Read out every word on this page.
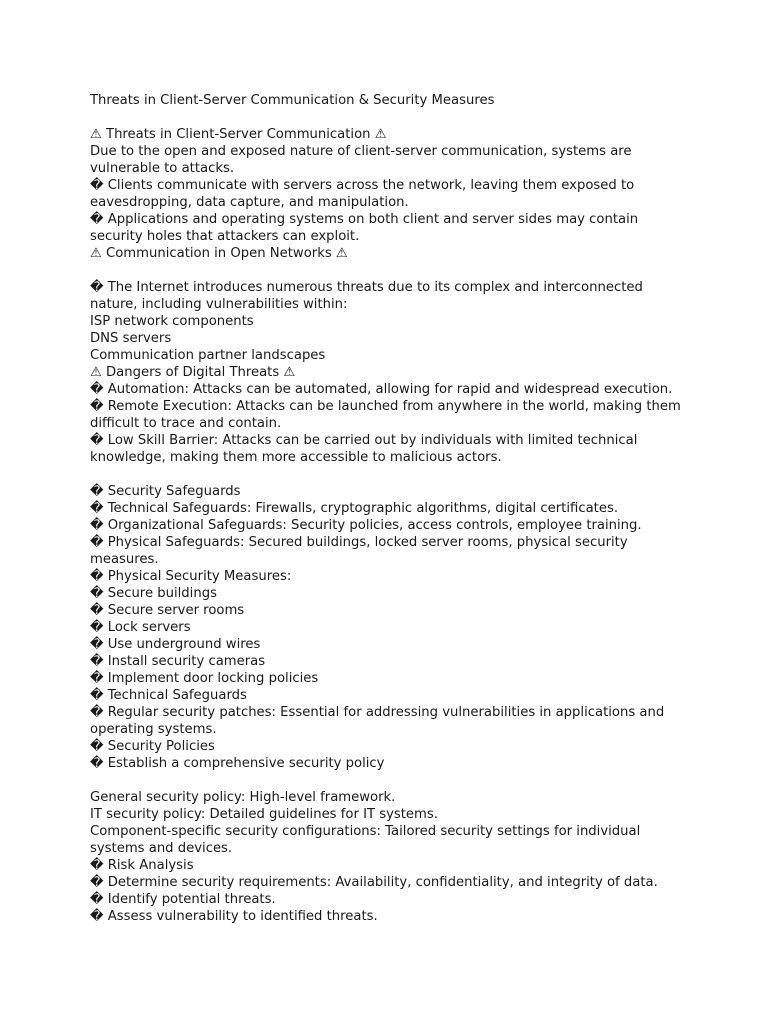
Threats in Client-Server Communication & Security Measures

⚠ Threats in Client-Server Communication ⚠

Due to the open and exposed nature of client-server communication, systems are

vulnerable to attacks.

� Clients communicate with servers across the network, leaving them exposed to

eavesdropping, data capture, and manipulation.

� Applications and operating systems on both client and server sides may contain

security holes that attackers can exploit.

⚠ Communication in Open Networks ⚠

� The Internet introduces numerous threats due to its complex and interconnected

nature, including vulnerabilities within:

ISP network components

DNS servers

Communication partner landscapes

⚠ Dangers of Digital Threats ⚠

� Automation: Attacks can be automated, allowing for rapid and widespread execution.

� Remote Execution: Attacks can be launched from anywhere in the world, making them

difficult to trace and contain.

� Low Skill Barrier: Attacks can be carried out by individuals with limited technical

knowledge, making them more accessible to malicious actors.

� Security Safeguards

� Technical Safeguards: Firewalls, cryptographic algorithms, digital certificates.

� Organizational Safeguards: Security policies, access controls, employee training.

� Physical Safeguards: Secured buildings, locked server rooms, physical security

measures.

� Physical Security Measures:

� Secure buildings

� Secure server rooms

� Lock servers

� Use underground wires

� Install security cameras

� Implement door locking policies

� Technical Safeguards

� Regular security patches: Essential for addressing vulnerabilities in applications and

operating systems.

� Security Policies

� Establish a comprehensive security policy

General security policy: High-level framework.

IT security policy: Detailed guidelines for IT systems.

Component-specific security configurations: Tailored security settings for individual

systems and devices.

� Risk Analysis

� Determine security requirements: Availability, confidentiality, and integrity of data.

� Identify potential threats.

� Assess vulnerability to identified threats.
